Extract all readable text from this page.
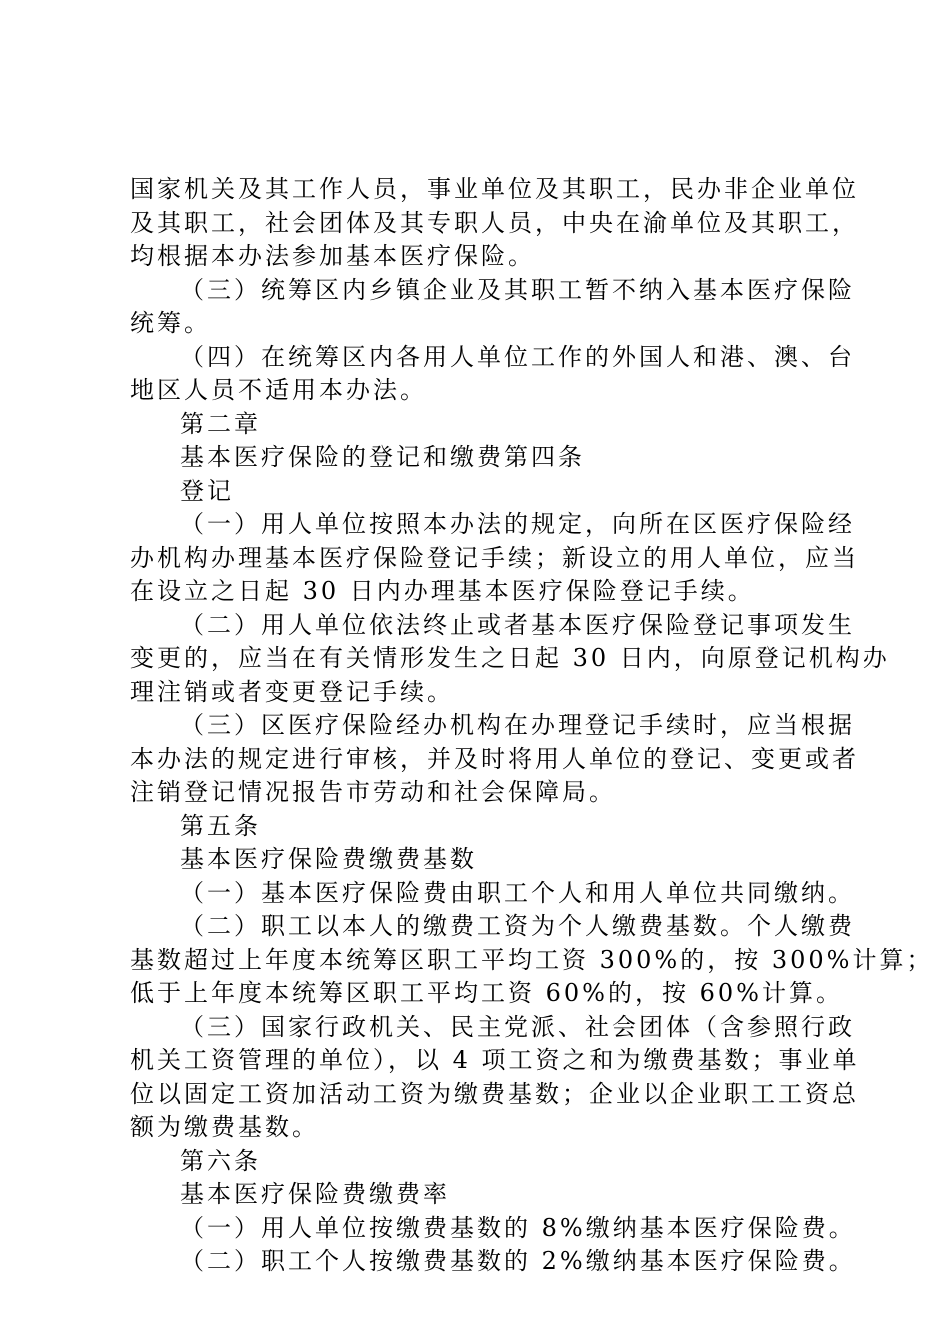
国家机关及其工作人员，事业单位及其职工，民办非企业单位
及其职工，社会团体及其专职人员，中央在渝单位及其职工，
均根据本办法参加基本医疗保险。
（三）统筹区内乡镇企业及其职工暂不纳入基本医疗保险
统筹。
（四）在统筹区内各用人单位工作的外国人和港、澳、台
地区人员不适用本办法。
第二章
基本医疗保险的登记和缴费第四条
登记
（一）用人单位按照本办法的规定，向所在区医疗保险经
办机构办理基本医疗保险登记手续；新设立的用人单位，应当
在设立之日起 30 日内办理基本医疗保险登记手续。
（二）用人单位依法终止或者基本医疗保险登记事项发生
变更的，应当在有关情形发生之日起 30 日内，向原登记机构办
理注销或者变更登记手续。
（三）区医疗保险经办机构在办理登记手续时，应当根据
本办法的规定进行审核，并及时将用人单位的登记、变更或者
注销登记情况报告市劳动和社会保障局。
第五条
基本医疗保险费缴费基数
（一）基本医疗保险费由职工个人和用人单位共同缴纳。
（二）职工以本人的缴费工资为个人缴费基数。个人缴费
基数超过上年度本统筹区职工平均工资 300%的，按 300%计算；
低于上年度本统筹区职工平均工资 60%的，按 60%计算。
（三）国家行政机关、民主党派、社会团体（含参照行政
机关工资管理的单位），以 4 项工资之和为缴费基数；事业单
位以固定工资加活动工资为缴费基数；企业以企业职工工资总
额为缴费基数。
第六条
基本医疗保险费缴费率
（一）用人单位按缴费基数的 8%缴纳基本医疗保险费。
（二）职工个人按缴费基数的 2%缴纳基本医疗保险费。
